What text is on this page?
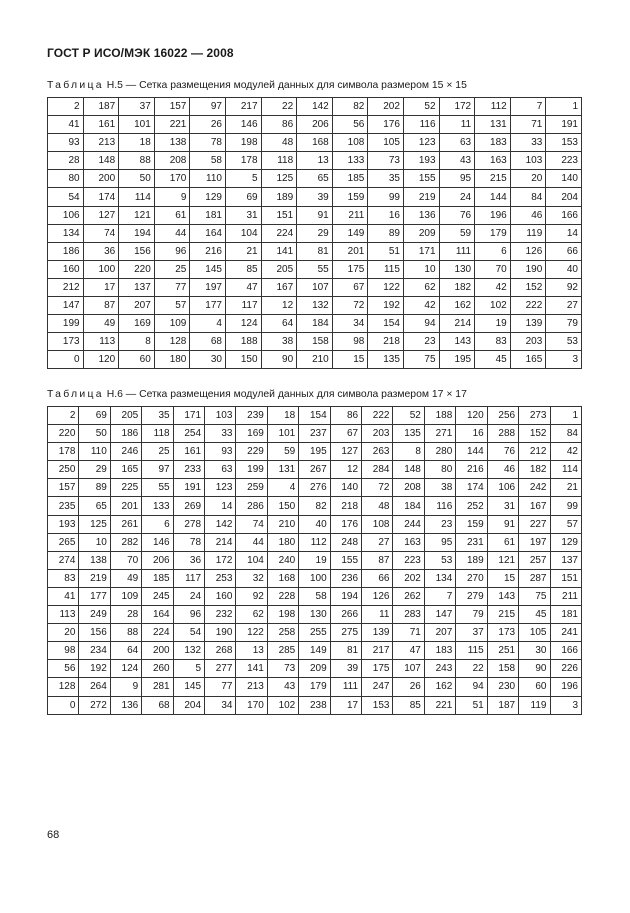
ГОСТ Р ИСО/МЭК 16022 — 2008
Таблица Н.5 — Сетка размещения модулей данных для символа размером 15 × 15
2	187	37	157	97	217	22	142	82	202	52	172	112	7	1
41	161	101	221	26	146	86	206	56	176	116	11	131	71	191
93	213	18	138	78	198	48	168	108	105	123	63	183	33	153
28	148	88	208	58	178	118	13	133	73	193	43	163	103	223
80	200	50	170	110	5	125	65	185	35	155	95	215	20	140
54	174	114	9	129	69	189	39	159	99	219	24	144	84	204
106	127	121	61	181	31	151	91	211	16	136	76	196	46	166
134	74	194	44	164	104	224	29	149	89	209	59	179	119	14
186	36	156	96	216	21	141	81	201	51	171	111	6	126	66
160	100	220	25	145	85	205	55	175	115	10	130	70	190	40
212	17	137	77	197	47	167	107	67	122	62	182	42	152	92
147	87	207	57	177	117	12	132	72	192	42	162	102	222	27
199	49	169	109	4	124	64	184	34	154	94	214	19	139	79
173	113	8	128	68	188	38	158	98	218	23	143	83	203	53
0	120	60	180	30	150	90	210	15	135	75	195	45	165	3
Таблица Н.6 — Сетка размещения модулей данных для символа размером 17 × 17
2	69	205	35	171	103	239	18	154	86	222	52	188	120	256	273	1
220	50	186	118	254	33	169	101	237	67	203	135	271	16	288	152	84
178	110	246	25	161	93	229	59	195	127	263	8	280	144	76	212	42
250	29	165	97	233	63	199	131	267	12	284	148	80	216	46	182	114
157	89	225	55	191	123	259	4	276	140	72	208	38	174	106	242	21
235	65	201	133	269	14	286	150	82	218	48	184	116	252	31	167	99
193	125	261	6	278	142	74	210	40	176	108	244	23	159	91	227	57
265	10	282	146	78	214	44	180	112	248	27	163	95	231	61	197	129
274	138	70	206	36	172	104	240	19	155	87	223	53	189	121	257	137
83	219	49	185	117	253	32	168	100	236	66	202	134	270	15	287	151
41	177	109	245	24	160	92	228	58	194	126	262	7	279	143	75	211
113	249	28	164	96	232	62	198	130	266	11	283	147	79	215	45	181
20	156	88	224	54	190	122	258	255	275	139	71	207	37	173	105	241
98	234	64	200	132	268	13	285	149	81	217	47	183	115	251	30	166
56	192	124	260	5	277	141	73	209	39	175	107	243	22	158	90	226
128	264	9	281	145	77	213	43	179	111	247	26	162	94	230	60	196
0	272	136	68	204	34	170	102	238	17	153	85	221	51	187	119	3
68
